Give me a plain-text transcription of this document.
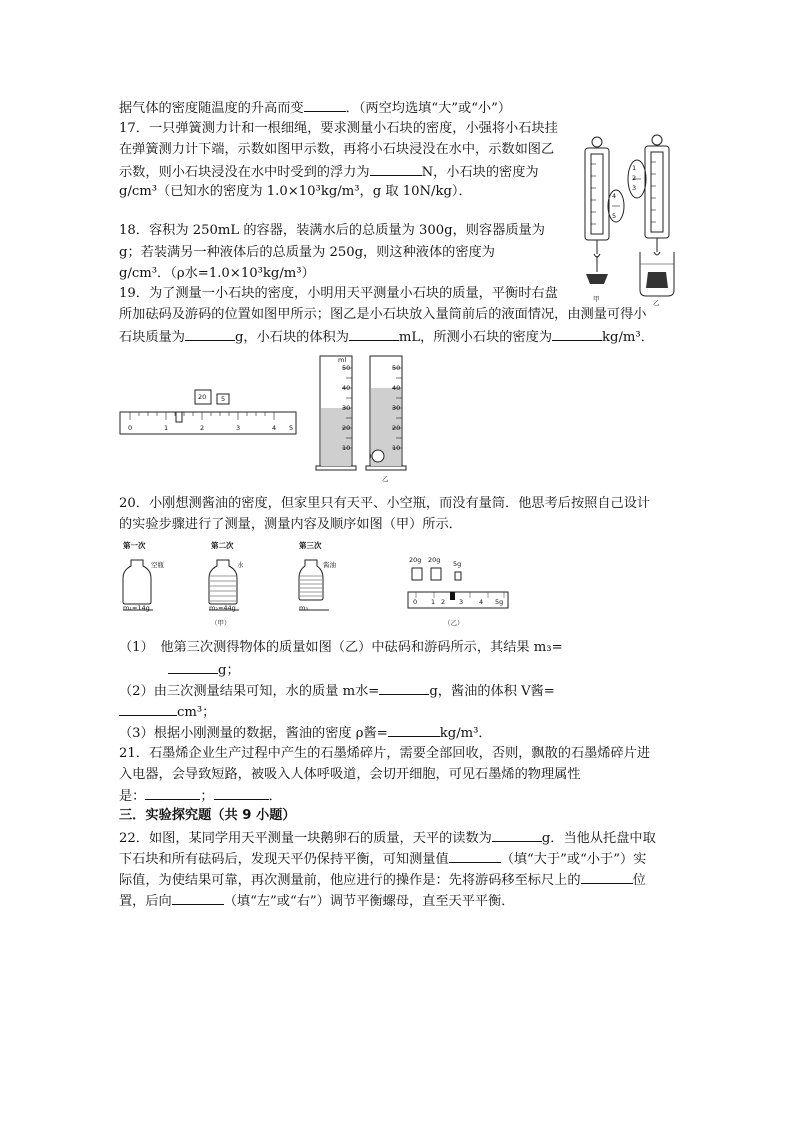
据气体的密度随温度的升高而变	．（两空均选填“大”或“小”）
17．一只弹簧测力计和一根细绳，要求测量小石块的密度，小强将小石块挂
在弹簧测力计下端，示数如图甲示数，再将小石块浸没在水中，示数如图乙
示数，则小石块浸没在水中时受到的浮力为	N，小石块的密度为
g/cm³（已知水的密度为 1.0×10³kg/m³，g 取 10N/kg）．
18．容积为 250mL 的容器，装满水后的总质量为 300g，则容器质量为
g；若装满另一种液体后的总质量为 250g，则这种液体的密度为
g/cm³．（ρ水=1.0×10³kg/m³）
19．为了测量一小石块的密度，小明用天平测量小石块的质量，平衡时右盘
所加砝码及游码的位置如图甲所示；图乙是小石块放入量筒前后的液面情况，由测量可得小
石块质量为	g，小石块的体积为	mL，所测小石块的密度为	kg/m³．
20．小刚想测酱油的密度，但家里只有天平、小空瓶，而没有量筒．他思考后按照自己设计
的实验步骤进行了测量，测量内容及顺序如图（甲）所示．
（1）　他第三次测得物体的质量如图（乙）中砝码和游码所示，其结果 m₃=
g；
（2）由三次测量结果可知，水的质量 m水=	g，酱油的体积 V酱=
cm³；
（3）根据小刚测量的数据，酱油的密度 ρ酱=	kg/m³．
21．石墨烯企业生产过程中产生的石墨烯碎片，需要全部回收，否则，飘散的石墨烯碎片进
入电器，会导致短路，被吸入人体呼吸道，会切开细胞，可见石墨烯的物理属性
是：	；	．
三．实验探究题（共 9 小题）
22．如图，某同学用天平测量一块鹅卵石的质量，天平的读数为	g．当他从托盘中取
下石块和所有砝码后，发现天平仍保持平衡，可知测量值	（填“大于”或“小于”）实
际值，为使结果可靠，再次测量前，他应进行的操作是：先将游码移至标尺上的	位
置，后向	（填“左”或“右”）调节平衡螺母，直至天平平衡．
4
5
1
2
3
甲	乙
20 5
0	1	2	3	4 5
ml
50
40
30
20
10
50
40
30
20
10
乙
第一次	第二次	第三次
空瓶	水	酱油
m₁=14g	m₂=44g	m₃
（甲）
20g 20g 5g
0 1 2 3 4 5g
（乙）
